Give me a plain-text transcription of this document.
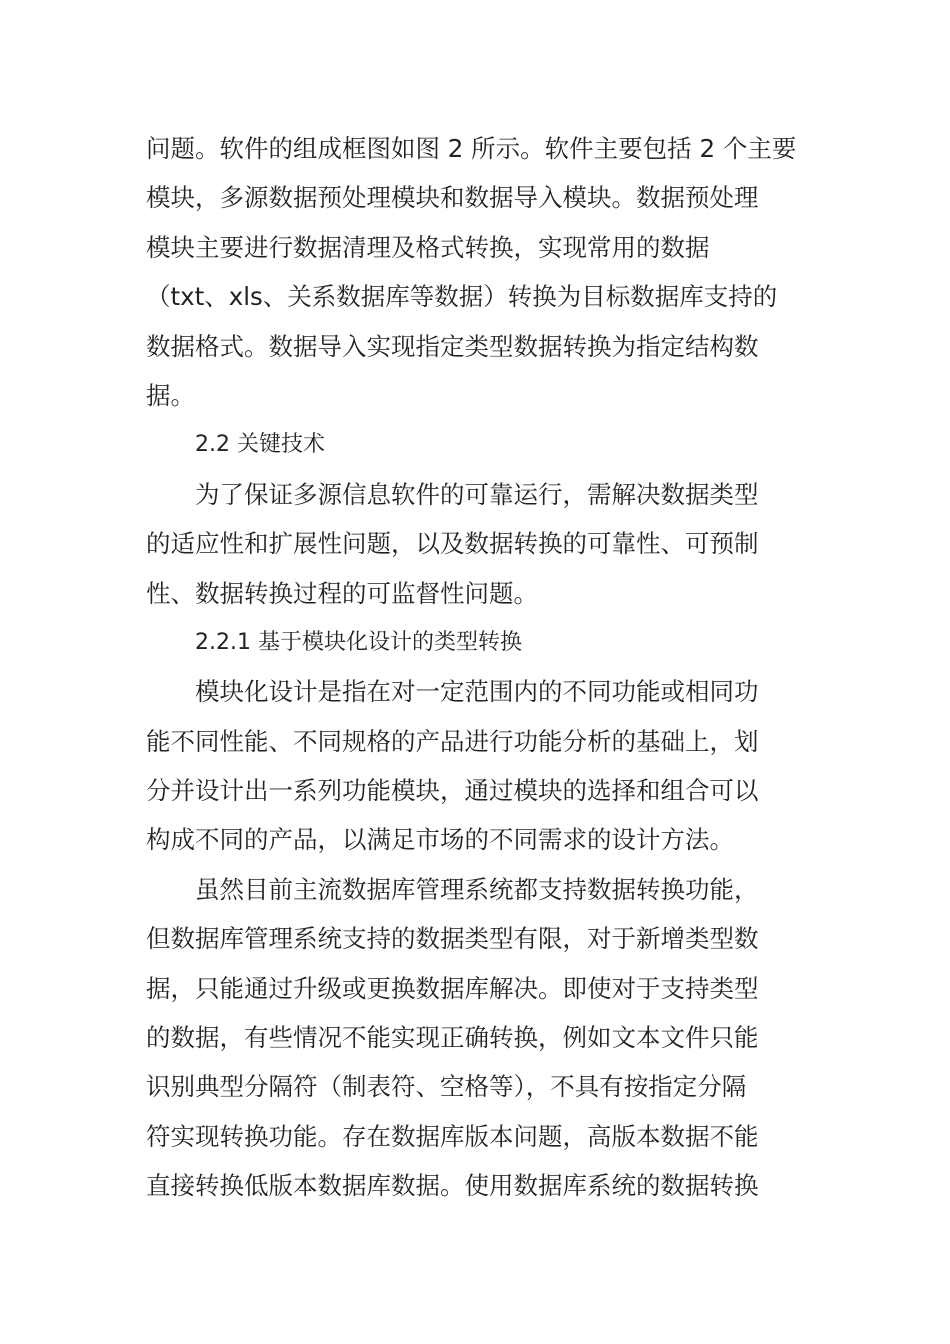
问题。软件的组成框图如图 2 所示。软件主要包括 2 个主要
模块，多源数据预处理模块和数据导入模块。数据预处理
模块主要进行数据清理及格式转换，实现常用的数据
（txt、xls、关系数据库等数据）转换为目标数据库支持的
数据格式。数据导入实现指定类型数据转换为指定结构数
据。
2.2 关键技术
为了保证多源信息软件的可靠运行，需解决数据类型
的适应性和扩展性问题，以及数据转换的可靠性、可预制
性、数据转换过程的可监督性问题。
2.2.1 基于模块化设计的类型转换
模块化设计是指在对一定范围内的不同功能或相同功
能不同性能、不同规格的产品进行功能分析的基础上，划
分并设计出一系列功能模块，通过模块的选择和组合可以
构成不同的产品，以满足市场的不同需求的设计方法。
虽然目前主流数据库管理系统都支持数据转换功能，
但数据库管理系统支持的数据类型有限，对于新增类型数
据，只能通过升级或更换数据库解决。即使对于支持类型
的数据，有些情况不能实现正确转换，例如文本文件只能
识别典型分隔符（制表符、空格等），不具有按指定分隔
符实现转换功能。存在数据库版本问题，高版本数据不能
直接转换低版本数据库数据。使用数据库系统的数据转换
